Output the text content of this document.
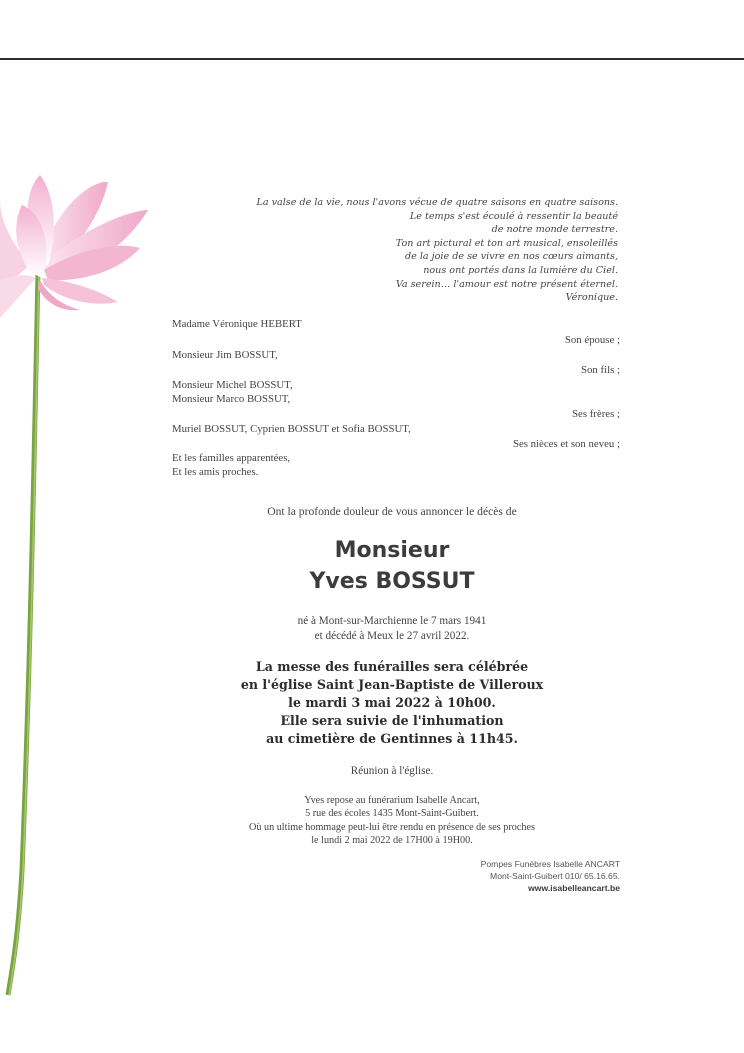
La valse de la vie, nous l'avons vécue de quatre saisons en quatre saisons.
Le temps s'est écoulé à ressentir la beauté
de notre monde terrestre.
Ton art pictural et ton art musical, ensoleillés
de la joie de se vivre en nos cœurs aimants,
nous ont portés dans la lumière du Ciel.
Va serein… l'amour est notre présent éternel.
Véronique.
Madame Véronique HEBERT
Son épouse ;
Monsieur Jim BOSSUT,
Son fils ;
Monsieur Michel BOSSUT,
Monsieur Marco BOSSUT,
Ses frères ;
Muriel BOSSUT, Cyprien BOSSUT et Sofia BOSSUT,
Ses nièces et son neveu ;
Et les familles apparentées,
Et les amis proches.
Ont la profonde douleur de vous annoncer le décès de
Monsieur
Yves BOSSUT
né à Mont-sur-Marchienne le 7 mars 1941
et décédé à Meux le 27 avril 2022.
La messe des funérailles sera célébrée
en l'église Saint Jean-Baptiste de Villeroux
le mardi 3 mai 2022 à 10h00.
Elle sera suivie de l'inhumation
au cimetière de Gentinnes à 11h45.
Réunion à l'église.
Yves repose au funérarium Isabelle Ancart,
5 rue des écoles 1435 Mont-Saint-Guibert.
Où un ultime hommage peut-lui être rendu en présence de ses proches
le lundi 2 mai 2022 de 17H00 à 19H00.
Pompes Funèbres Isabelle ANCART
Mont-Saint-Guibert 010/ 65.16.65.
www.isabelleancart.be
